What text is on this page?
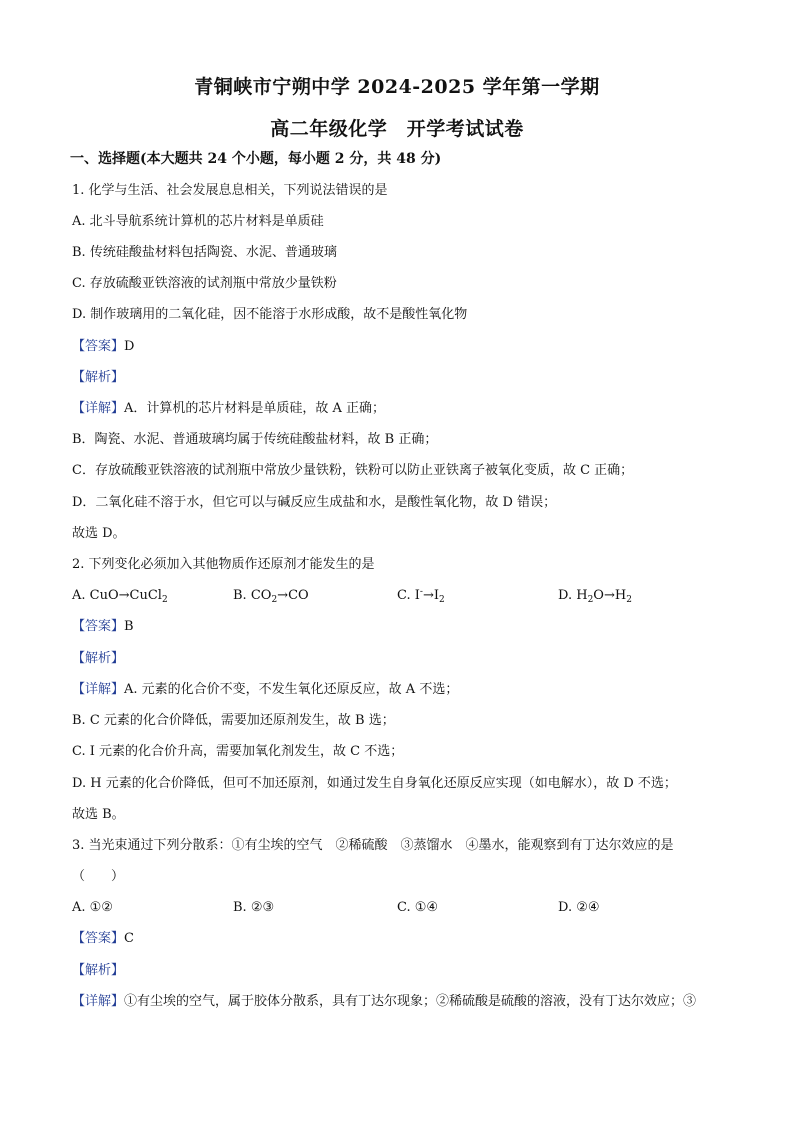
青铜峡市宁朔中学 2024-2025 学年第一学期
高二年级化学　开学考试试卷
一、选择题(本大题共 24 个小题，每小题 2 分，共 48 分)
1. 化学与生活、社会发展息息相关，下列说法错误的是
A. 北斗导航系统计算机的芯片材料是单质硅
B. 传统硅酸盐材料包括陶瓷、水泥、普通玻璃
C. 存放硫酸亚铁溶液的试剂瓶中常放少量铁粉
D. 制作玻璃用的二氧化硅，因不能溶于水形成酸，故不是酸性氧化物
【答案】D
【解析】
【详解】A．计算机的芯片材料是单质硅，故 A 正确；
B．陶瓷、水泥、普通玻璃均属于传统硅酸盐材料，故 B 正确；
C．存放硫酸亚铁溶液的试剂瓶中常放少量铁粉，铁粉可以防止亚铁离子被氧化变质，故 C 正确；
D．二氧化硅不溶于水，但它可以与碱反应生成盐和水，是酸性氧化物，故 D 错误；
故选 D。
2. 下列变化必须加入其他物质作还原剂才能发生的是
A. CuO→CuCl$_2$	B. $CO_2\to CO$	C. $I^-\to I_2$	D. $H_2O\to H_2$
【答案】B
【解析】
【详解】A. 元素的化合价不变，不发生氧化还原反应，故 A 不选；
B. C 元素的化合价降低，需要加还原剂发生，故 B 选；
C. I 元素的化合价升高，需要加氧化剂发生，故 C 不选；
D. H 元素的化合价降低，但可不加还原剂，如通过发生自身氧化还原反应实现（如电解水），故 D 不选；
故选 B。
3. 当光束通过下列分散系：①有尘埃的空气　②稀硫酸　③蒸馏水　④墨水，能观察到有丁达尔效应的是
（　　）
A. ①②	B. ②③	C. ①④	D. ②④
【答案】C
【解析】
【详解】①有尘埃的空气，属于胶体分散系，具有丁达尔现象；②稀硫酸是硫酸的溶液，没有丁达尔效应；③
